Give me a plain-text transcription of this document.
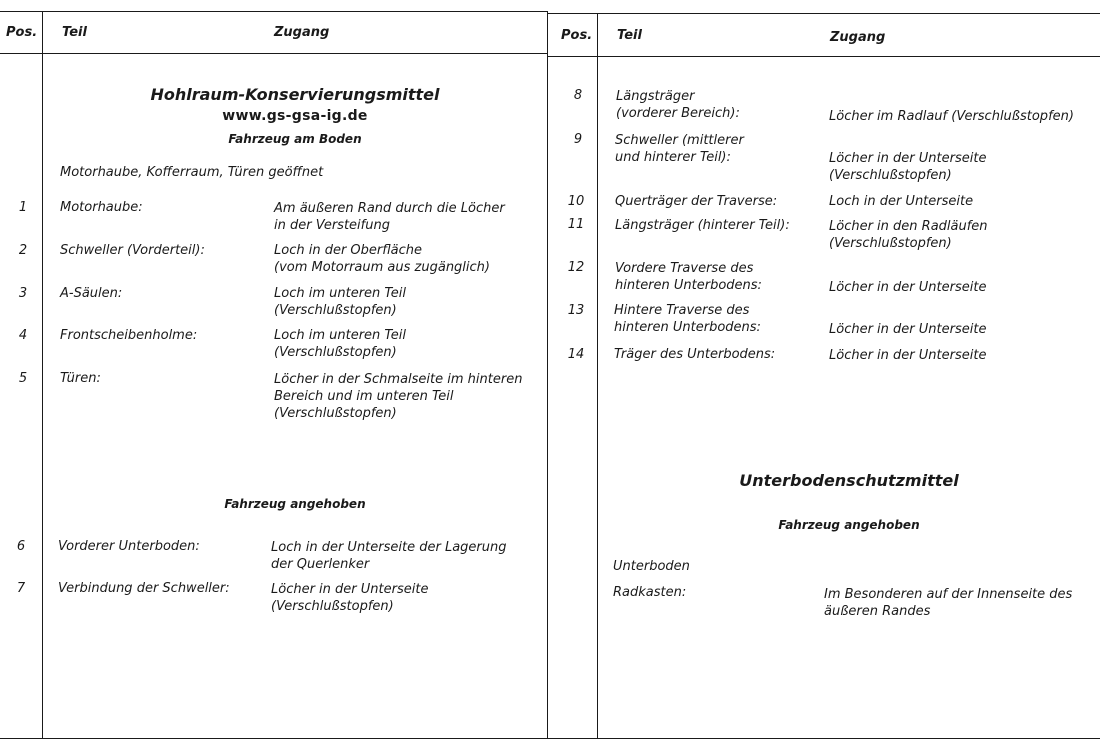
Pos. Teil	Zugang	Pos. Teil	Zugang
Hohlraum-Konservierungsmittel
www.gs-gsa-ig.de
Fahrzeug am Boden
Motorhaube, Kofferraum, Türen geöffnet
Fahrzeug angehoben
1	Motorhaube:	Am äußeren Rand durch die Löcher
in der Versteifung
2	Schweller (Vorderteil):	Loch in der Oberfläche
(vom Motorraum aus zugänglich)
3	A-Säulen:	Loch im unteren Teil
(Verschlußstopfen)
4	Frontscheibenholme:	Loch im unteren Teil
(Verschlußstopfen)
5	Türen:	Löcher in der Schmalseite im hinteren
Bereich und im unteren Teil
(Verschlußstopfen)
6	Vorderer Unterboden:	Loch in der Unterseite der Lagerung
der Querlenker
7	Verbindung der Schweller:	Löcher in der Unterseite
(Verschlußstopfen)
8	Längsträger
(vorderer Bereich):	Löcher im Radlauf (Verschlußstopfen)
9	Schweller (mittlerer
und hinterer Teil):	Löcher in der Unterseite
(Verschlußstopfen)
10	Querträger der Traverse:	Loch in der Unterseite
11	Längsträger (hinterer Teil):	Löcher in den Radläufen
(Verschlußstopfen)
12	Vordere Traverse des
hinteren Unterbodens:	Löcher in der Unterseite
13	Hintere Traverse des
hinteren Unterbodens:	Löcher in der Unterseite
14	Träger des Unterbodens:	Löcher in der Unterseite
Unterbodenschutzmittel
Fahrzeug angehoben
Unterboden
Radkasten:	Im Besonderen auf der Innenseite des
äußeren Randes
